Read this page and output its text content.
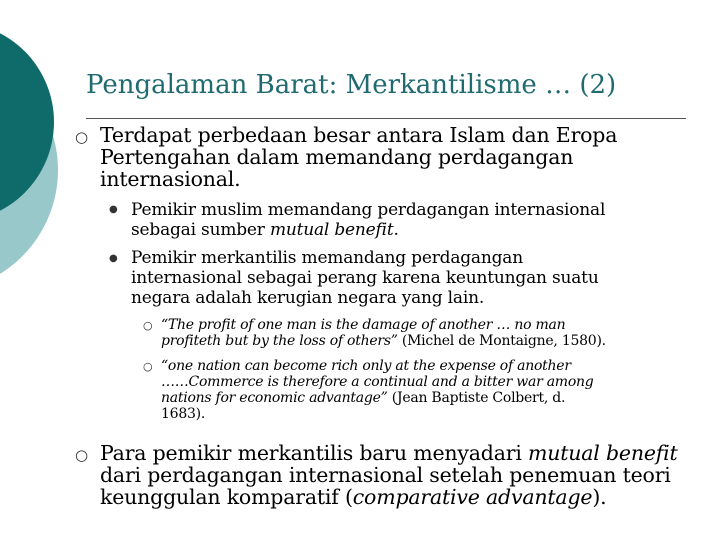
Pengalaman Barat: Merkantilisme … (2)
○ Terdapat perbedaan besar antara Islam dan Eropa
Pertengahan dalam memandang perdagangan
internasional.
● Pemikir muslim memandang perdagangan internasional
sebagai sumber mutual benefit.
● Pemikir merkantilis memandang perdagangan
internasional sebagai perang karena keuntungan suatu
negara adalah kerugian negara yang lain.
○ “The profit of one man is the damage of another … no man
profiteth but by the loss of others” (Michel de Montaigne, 1580).
○ “one nation can become rich only at the expense of another
……Commerce is therefore a continual and a bitter war among
nations for economic advantage” (Jean Baptiste Colbert, d.
1683).
○ Para pemikir merkantilis baru menyadari mutual benefit
dari perdagangan internasional setelah penemuan teori
keunggulan komparatif (comparative advantage).
